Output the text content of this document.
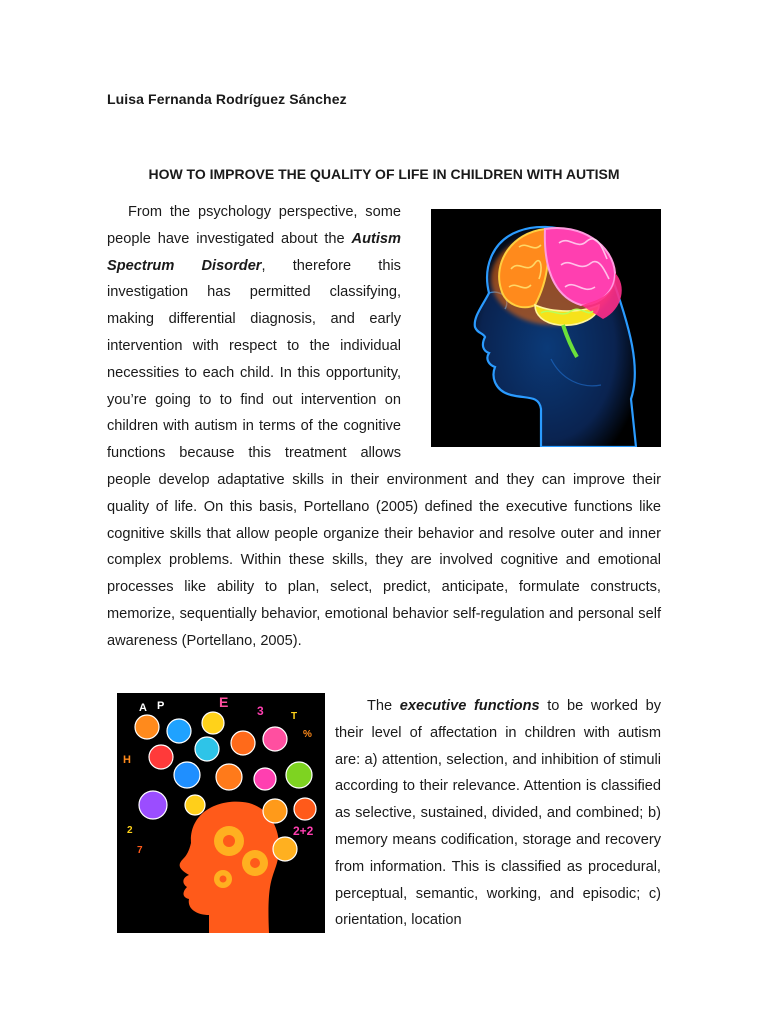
Luisa Fernanda Rodríguez Sánchez
HOW TO IMPROVE THE QUALITY OF LIFE IN CHILDREN WITH AUTISM
From the psychology perspective, some people have investigated about the Autism Spectrum Disorder, therefore this investigation has permitted classifying, making differential diagnosis, and early intervention with respect to the individual necessities to each child. In this opportunity, you’re going to to find out intervention on children with autism in terms of the cognitive functions because this treatment allows people develop adaptative skills in their environment and they can improve their quality of life. On this basis, Portellano (2005) defined the executive functions like cognitive skills that allow people organize their behavior and resolve outer and inner complex problems. Within these skills, they are involved cognitive and emotional processes like ability to plan, select, predict, anticipate, formulate constructs, memorize, sequentially behavior, emotional behavior self-regulation and personal self awareness (Portellano, 2005).
A P	E
3	T
%
H
2	2+2
7
The executive functions to be worked by their level of affectation in children with autism are: a) attention, selection, and inhibition of stimuli according to their relevance. Attention is classified as selective, sustained, divided, and combined; b) memory means codification, storage and recovery from information. This is classified as procedural, perceptual, semantic, working, and episodic; c) orientation, location
